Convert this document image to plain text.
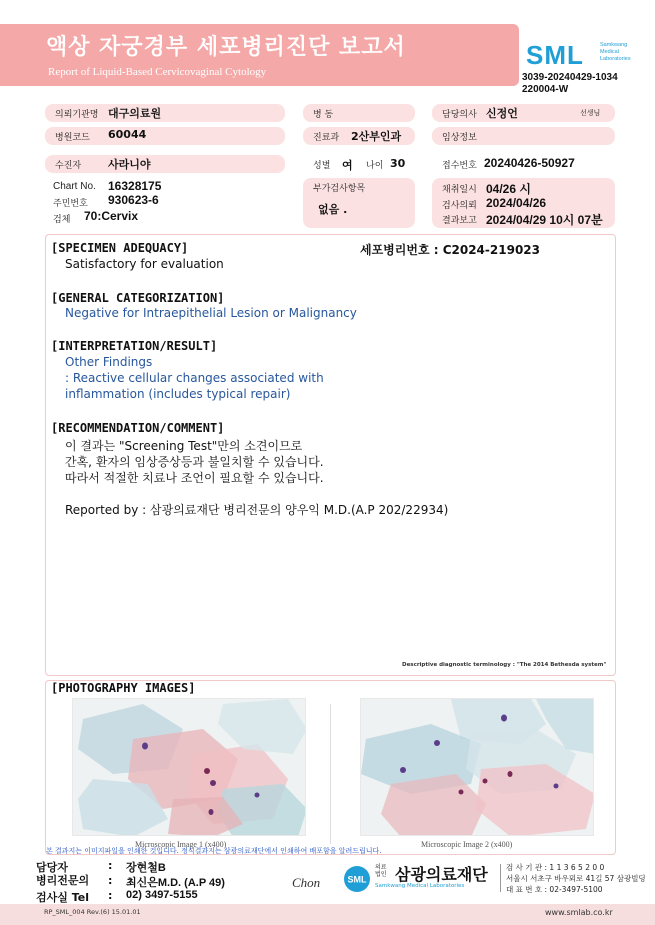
액상 자궁경부 세포병리진단 보고서
Report of Liquid-Based Cervicovaginal Cytology
SML	Samkwang
Medical
Laboratories
3039-20240429-1034
220004-W
의뢰기관명 대구의료원	병 동	담당의사 신정언	선생님
병원코드 60044	진료과 2산부인과	임상정보
수진자 사라니야	성별 여 나이 30	접수번호 20240426-50927
Chart No. 16328175
주민번호 930623-6
검체 70:Cervix
부가검사항목
없음 .
채취일시 04/26 시
검사의뢰 2024/04/26
결과보고 2024/04/29 10시 07분
[SPECIMEN ADEQUACY]	세포병리번호 : C2024-219023
Satisfactory for evaluation
[GENERAL CATEGORIZATION]
Negative for Intraepithelial Lesion or Malignancy
[INTERPRETATION/RESULT]
Other Findings
: Reactive cellular changes associated with
inflammation (includes typical repair)
[RECOMMENDATION/COMMENT]
이 결과는 "Screening Test"만의 소견이므로
간혹, 환자의 임상증상등과 불일치할 수 있습니다.
따라서 적절한 치료나 조언이 필요할 수 있습니다.
Reported by : 삼광의료재단 병리전문의 양우익 M.D.(A.P 202/22934)
Descriptive diagnostic terminology : "The 2014 Bethesda system"
[PHOTOGRAPHY IMAGES]
Microscopic Image 1 (x400)	Microscopic Image 2 (x400)
본 결과지는 이미지파일을 인쇄한 것입니다. 정식결과지는 삼광의료재단에서 인쇄하여 배포함을 알려드립니다.
담당자	: 장현철B
병리전문의 : 최신은M.D. (A.P 49)
검사실 Tel : 02) 3497-5155
Chon	SML
의료
법인 삼광의료재단
Samkwang Medical Laboratories
검 사 기 관 : 1 1 3 6 5 2 0 0
서울시 서초구 바우뫼로 41길 57 삼광빌딩
대 표 번 호 : 02-3497-5100
RP_SML_004 Rev.(6) 15.01.01	www.smlab.co.kr
